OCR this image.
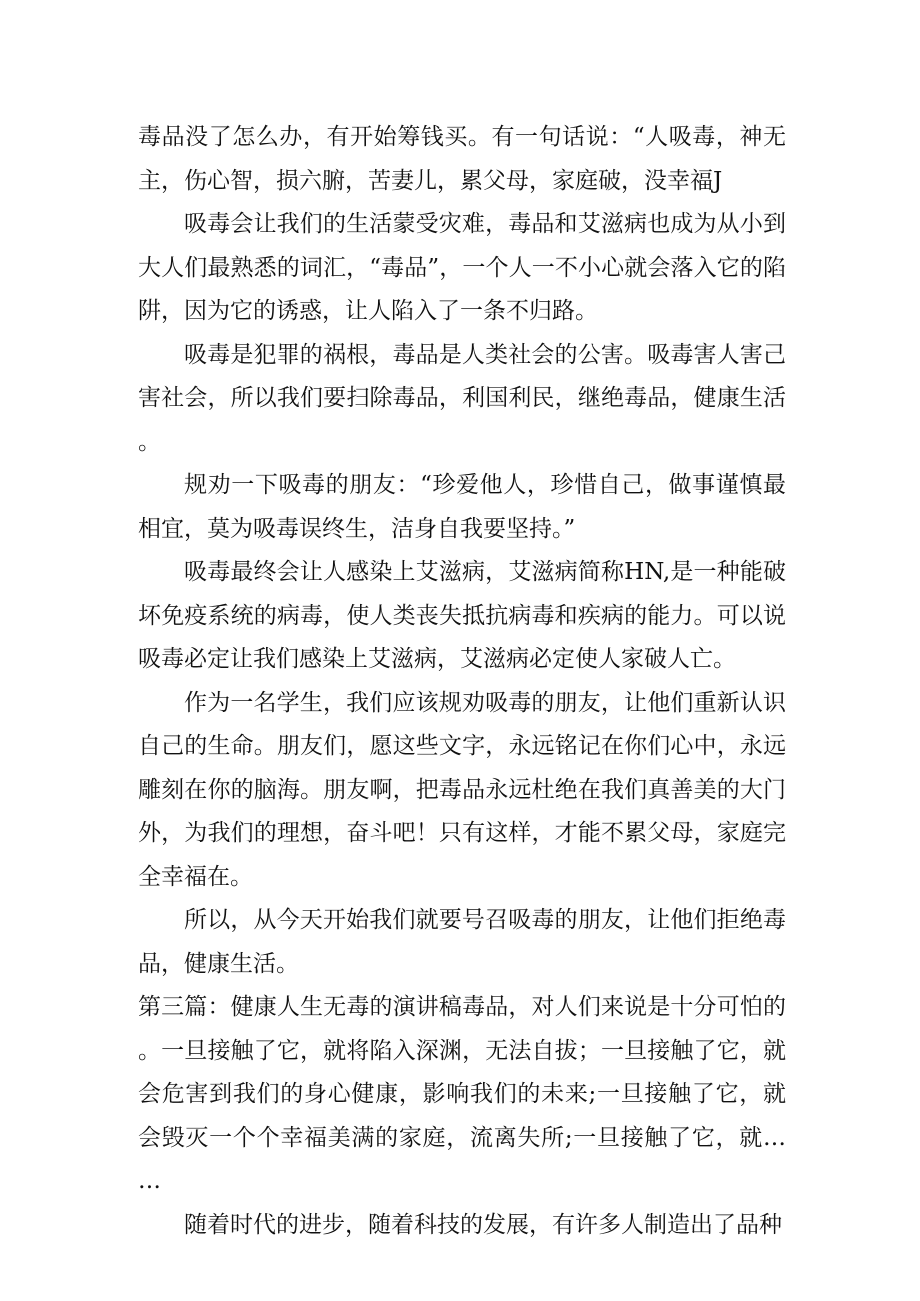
毒品没了怎么办，有开始筹钱买。有一句话说：“人吸毒，神无主，伤心智，损六腑，苦妻儿，累父母，家庭破，没幸福J

吸毒会让我们的生活蒙受灾难，毒品和艾滋病也成为从小到大人们最熟悉的词汇，“毒品”，一个人一不小心就会落入它的陷阱，因为它的诱惑，让人陷入了一条不归路。

吸毒是犯罪的祸根，毒品是人类社会的公害。吸毒害人害己害社会，所以我们要扫除毒品，利国利民，继绝毒品，健康生活。

规劝一下吸毒的朋友：“珍爱他人，珍惜自己，做事谨慎最相宜，莫为吸毒误终生，洁身自我要坚持。”

吸毒最终会让人感染上艾滋病，艾滋病简称HN,是一种能破坏免疫系统的病毒，使人类丧失抵抗病毒和疾病的能力。可以说吸毒必定让我们感染上艾滋病，艾滋病必定使人家破人亡。

作为一名学生，我们应该规劝吸毒的朋友，让他们重新认识自己的生命。朋友们，愿这些文字，永远铭记在你们心中，永远雕刻在你的脑海。朋友啊，把毒品永远杜绝在我们真善美的大门外，为我们的理想，奋斗吧！只有这样，才能不累父母，家庭完全幸福在。

所以，从今天开始我们就要号召吸毒的朋友，让他们拒绝毒品，健康生活。

第三篇：健康人生无毒的演讲稿毒品，对人们来说是十分可怕的。一旦接触了它，就将陷入深渊，无法自拔；一旦接触了它，就会危害到我们的身心健康，影响我们的未来;一旦接触了它，就会毁灭一个个幸福美满的家庭，流离失所;一旦接触了它，就……

随着时代的进步，随着科技的发展，有许多人制造出了品种
